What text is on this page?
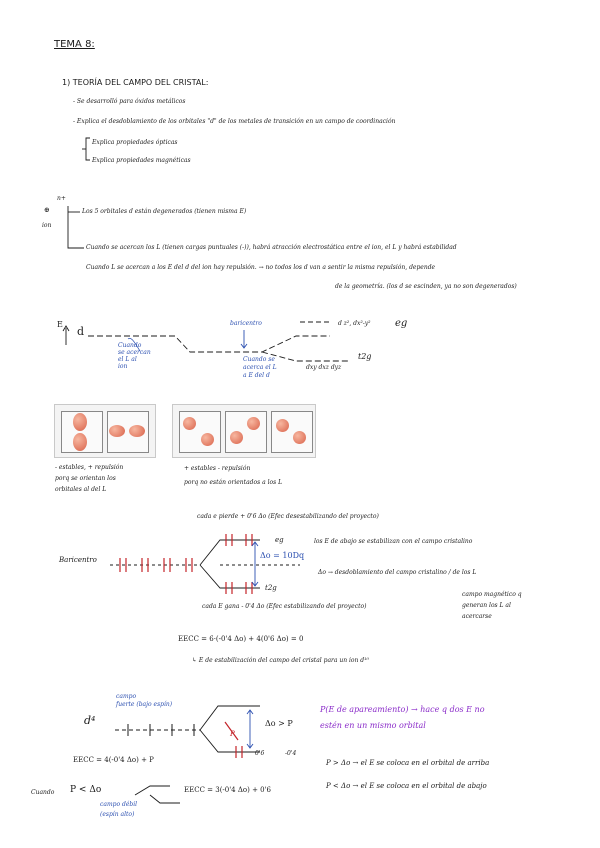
TEMA 8:
1) TEORÍA DEL CAMPO DEL CRISTAL:
- Se desarrolló para óxidos metálicos
- Explica el desdoblamiento de los orbitales "d" de los metales de transición en un campo de coordinación
Explica propiedades ópticas
Explica propiedades magnéticas
⊕
n+
ion
Los 5 orbitales d están degenerados (tienen misma E)
Cuando se acercan los L (tienen cargas puntuales (-)), habrá atracción electrostática entre el ion, el L y habrá estabilidad
Cuando L se acercan a los E del d del ion hay repulsión. → no todos los d van a sentir la misma repulsión, depende
de la geometría. (los d se escinden, ya no son degenerados)
E
d
d z², dx²-y² eg
dxy dxz dyz
t2g
baricentro
Cuando
se acercan
el L al
ion
Cuando se
acerca el L
a E del d
- estables, + repulsión
porq se orientan los
orbitales al del L
+ estables - repulsión
porq no están orientados a los L
cada e pierde + 0'6 Δo (Efec desestabilizando del proyecto)
Baricentro	Δo = 10Dq
eg
t2g
los E de abajo se estabilizan con el campo cristalino
Δo → desdoblamiento del campo cristalino / de los L
campo magnético q
generan los L al
acercarse
cada E gana - 0'4 Δo (Efec estabilizando del proyecto)
EECC = 6·(-0'4 Δo) + 4(0'6 Δo) = 0
↳ E de estabilización del campo del cristal para un ion d¹⁰
campo
fuerte (bajo espín)
d⁴	Δo > P
P
0'6	-0'4
EECC = 4(-0'4 Δo) + P
Cuando P < Δo	EECC = 3(-0'4 Δo) + 0'6
campo débil
(espín alto)
P(E de apareamiento) → hace q dos E no
estén en un mismo orbital
P > Δo → el E se coloca en el orbital de arriba
P < Δo → el E se coloca en el orbital de abajo
